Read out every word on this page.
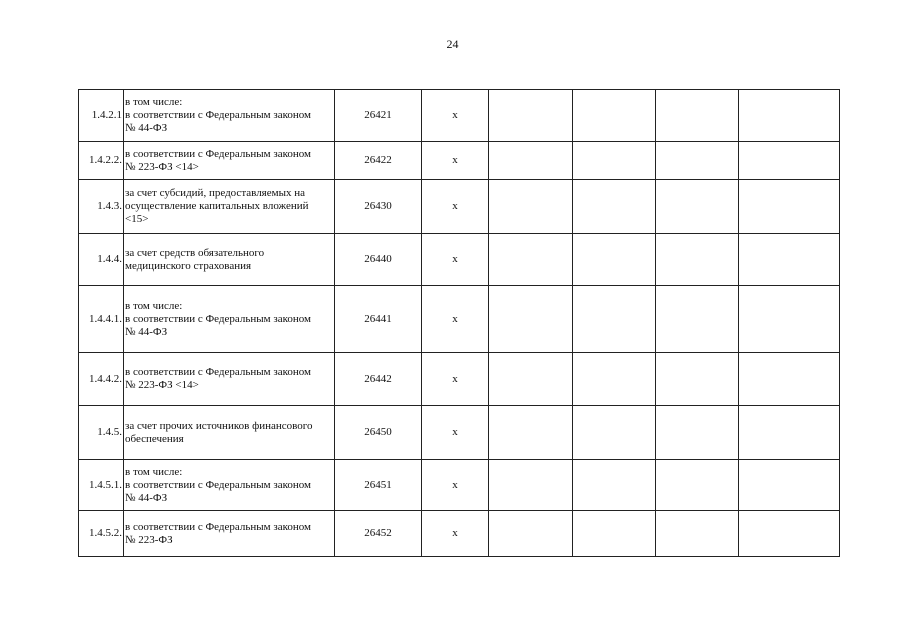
24
1.4.2.1	в том числе:
в соответствии с Федеральным законом
№ 44-ФЗ	26421	x				
1.4.2.2.	в соответствии с Федеральным законом
№ 223-ФЗ <14>	26422	x				
1.4.3.	за счет субсидий, предоставляемых на
осуществление капитальных вложений
<15>	26430	x				
1.4.4.	за счет средств обязательного
медицинского страхования	26440	x				
1.4.4.1.	в том числе:
в соответствии с Федеральным законом
№ 44-ФЗ	26441	x				
1.4.4.2.	в соответствии с Федеральным законом
№ 223-ФЗ <14>	26442	x				
1.4.5.	за счет прочих источников финансового
обеспечения	26450	x				
1.4.5.1.	в том числе:
в соответствии с Федеральным законом
№ 44-ФЗ	26451	x				
1.4.5.2.	в соответствии с Федеральным законом
№ 223-ФЗ	26452	x				
